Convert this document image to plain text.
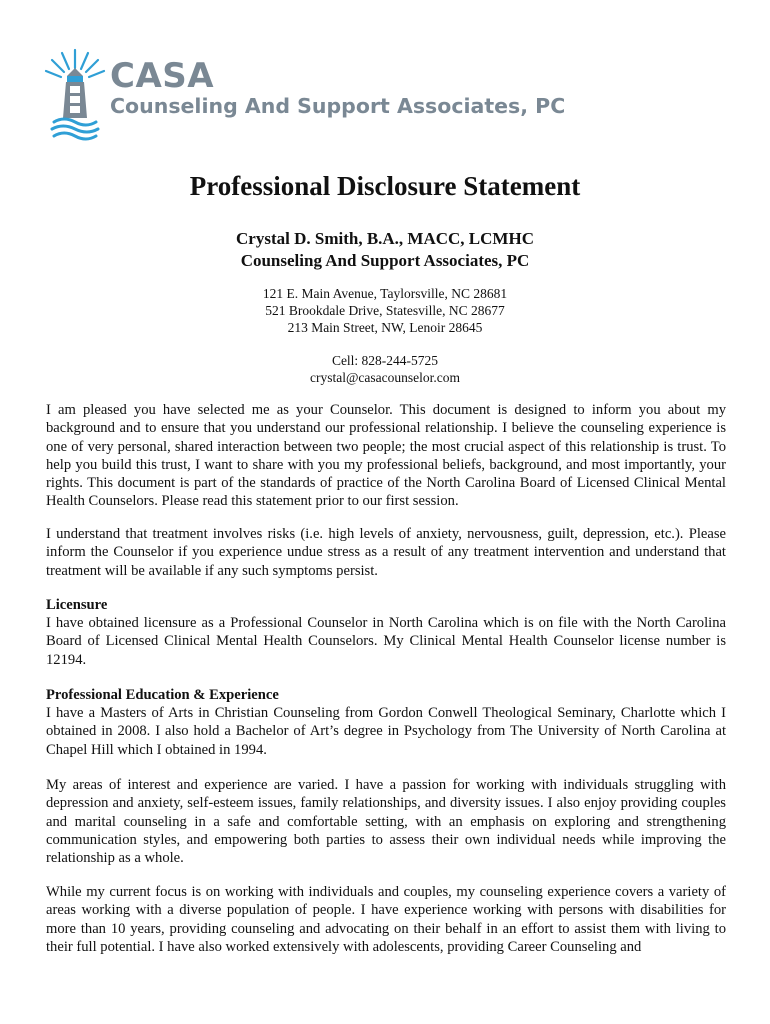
CASA
Counseling And Support Associates, PC
Professional Disclosure Statement
Crystal D. Smith, B.A., MACC, LCMHC
Counseling And Support Associates, PC
121 E. Main Avenue, Taylorsville, NC 28681
521 Brookdale Drive, Statesville, NC 28677
213 Main Street, NW, Lenoir 28645
Cell: 828-244-5725
crystal@casacounselor.com

I am pleased you have selected me as your Counselor. This document is designed to inform you about my background and to ensure that you understand our professional relationship. I believe the counseling experience is one of very personal, shared interaction between two people; the most crucial aspect of this relationship is trust. To help you build this trust, I want to share with you my professional beliefs, background, and most importantly, your rights. This document is part of the standards of practice of the North Carolina Board of Licensed Clinical Mental Health Counselors. Please read this statement prior to our first session.

I understand that treatment involves risks (i.e. high levels of anxiety, nervousness, guilt, depression, etc.). Please inform the Counselor if you experience undue stress as a result of any treatment intervention and understand that treatment will be available if any such symptoms persist.

Licensure

I have obtained licensure as a Professional Counselor in North Carolina which is on file with the North Carolina Board of Licensed Clinical Mental Health Counselors. My Clinical Mental Health Counselor license number is 12194.

Professional Education & Experience

I have a Masters of Arts in Christian Counseling from Gordon Conwell Theological Seminary, Charlotte which I obtained in 2008. I also hold a Bachelor of Art’s degree in Psychology from The University of North Carolina at Chapel Hill which I obtained in 1994.

My areas of interest and experience are varied. I have a passion for working with individuals struggling with depression and anxiety, self-esteem issues, family relationships, and diversity issues. I also enjoy providing couples and marital counseling in a safe and comfortable setting, with an emphasis on exploring and strengthening communication styles, and empowering both parties to assess their own individual needs while improving the relationship as a whole.

While my current focus is on working with individuals and couples, my counseling experience covers a variety of areas working with a diverse population of people. I have experience working with persons with disabilities for more than 10 years, providing counseling and advocating on their behalf in an effort to assist them with living to their full potential. I have also worked extensively with adolescents, providing Career Counseling and
